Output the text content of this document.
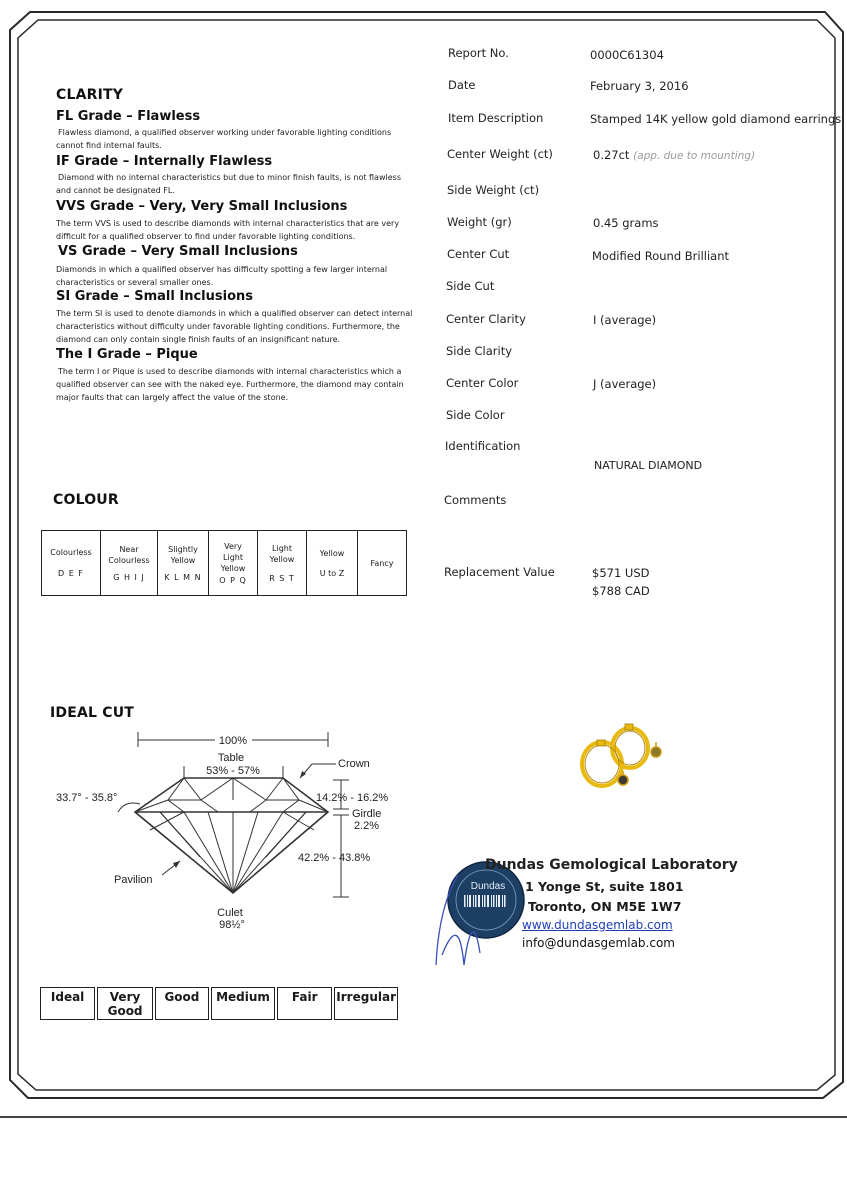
CLARITY
FL Grade – Flawless
Flawless diamond, a qualified observer working under favorable lighting conditions
cannot find internal faults.
IF Grade – Internally Flawless
Diamond with no internal characteristics but due to minor finish faults, is not flawless
and cannot be designated FL.
VVS Grade – Very, Very Small Inclusions
The term VVS is used to describe diamonds with internal characteristics that are very
difficult for a qualified observer to find under favorable lighting conditions.
VS Grade – Very Small Inclusions
Diamonds in which a qualified observer has difficulty spotting a few larger internal
characteristics or several smaller ones.
SI Grade – Small Inclusions
The term SI is used to denote diamonds in which a qualified observer can detect internal
characteristics without difficulty under favorable lighting conditions. Furthermore, the
diamond can only contain single finish faults of an insignificant nature.
The I Grade – Pique
The term I or Pique is used to describe diamonds with internal characteristics which a
qualified observer can see with the naked eye. Furthermore, the diamond may contain
major faults that can largely affect the value of the stone.
COLOUR
Colourless
D E F

Near Colourless
G H I J

Slightly Yellow
K L M N

Very Light Yellow
O P Q

Light Yellow
R S T

Yellow
U to Z

Fancy
IDEAL CUT
100%
Table
53% - 57%
Crown
33.7° - 35.8°	14.2% - 16.2%
Girdle
2.2%
42.2% - 43.8%
Pavilion
Culet
98½°
Ideal	Very Good
	Good	Medium	Fair	Irregular
Report No.	0000C61304
Date	February 3, 2016
Item Description	Stamped 14K yellow gold diamond earrings
Center Weight (ct)	0.27ct (app. due to mounting)
Side Weight (ct)
Weight (gr)	0.45 grams
Center Cut	Modified Round Brilliant
Side Cut
Center Clarity	I (average)
Side Clarity
Center Color	J (average)
Side Color
Identification
NATURAL DIAMOND
Comments
Replacement Value	$571 USD
$788 CAD
Dundas
Dundas Gemological Laboratory
1 Yonge St, suite 1801
Toronto, ON M5E 1W7
www.dundasgemlab.com
info@dundasgemlab.com
